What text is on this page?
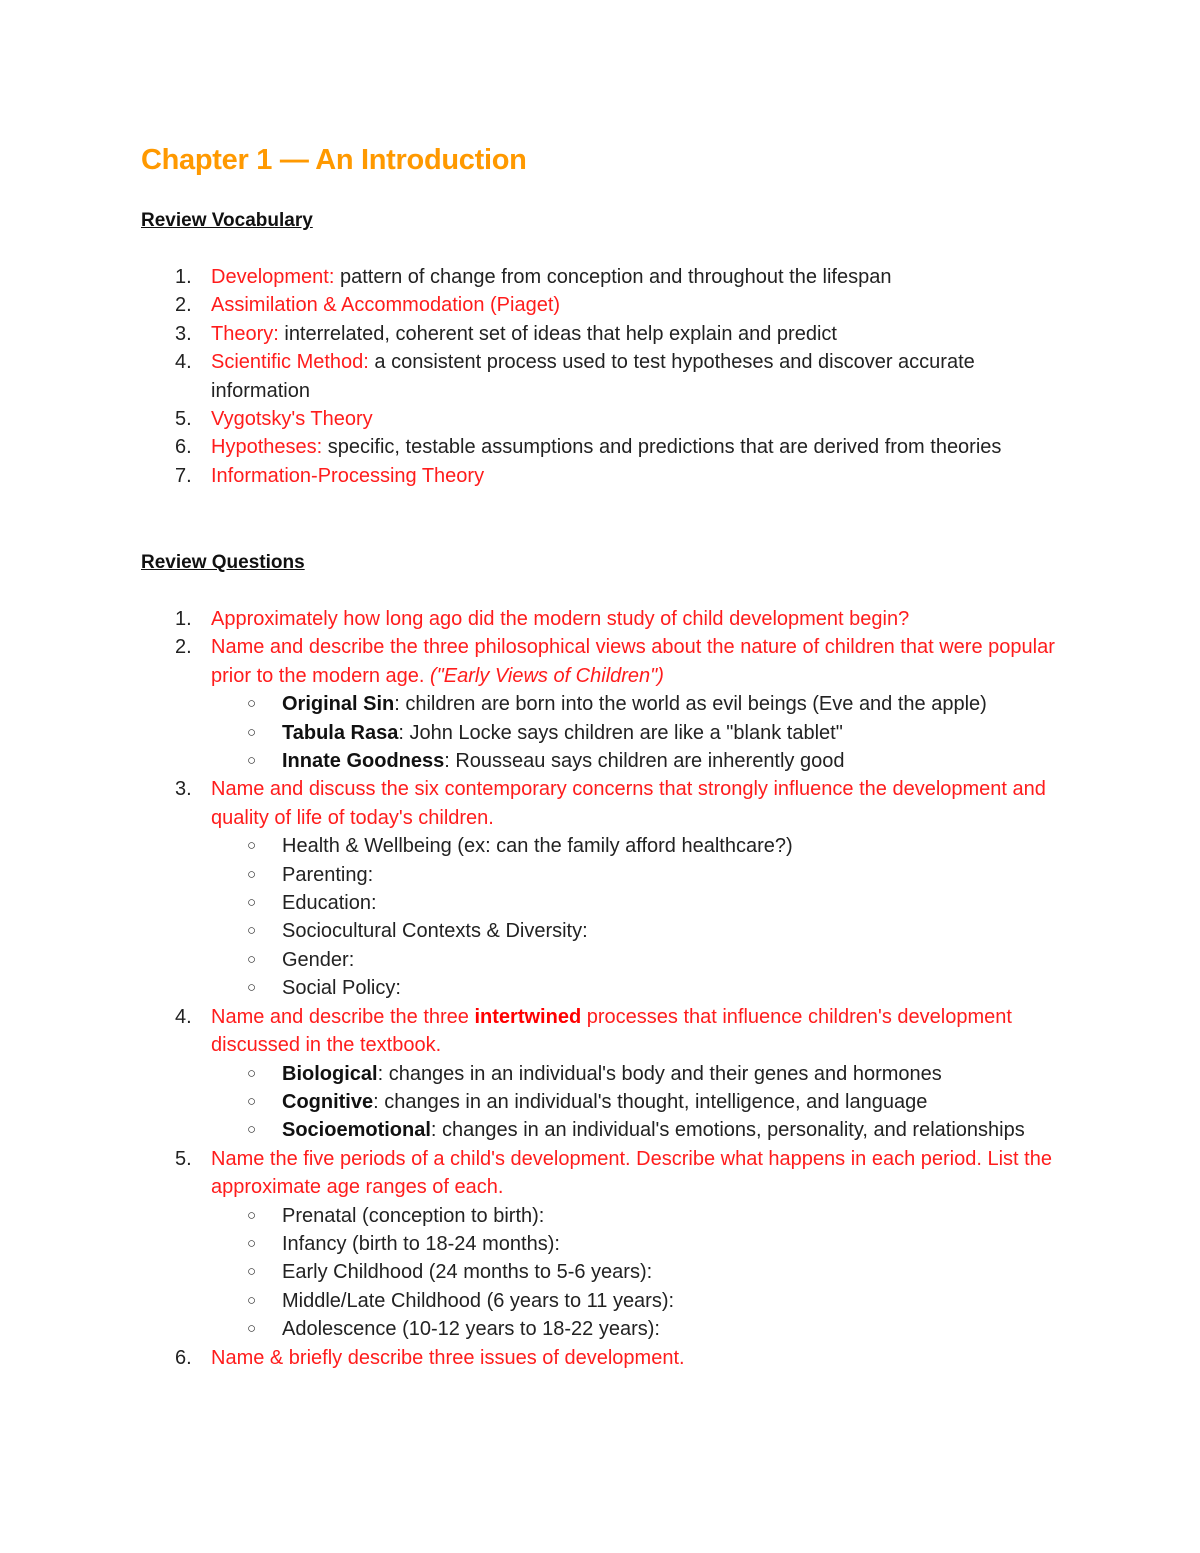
Chapter 1 — An Introduction
Review Vocabulary
1. Development: pattern of change from conception and throughout the lifespan
2. Assimilation & Accommodation (Piaget)
3. Theory: interrelated, coherent set of ideas that help explain and predict
4. Scientific Method: a consistent process used to test hypotheses and discover accurate information
5. Vygotsky's Theory
6. Hypotheses: specific, testable assumptions and predictions that are derived from theories
7. Information-Processing Theory
Review Questions
1. Approximately how long ago did the modern study of child development begin?
2. Name and describe the three philosophical views about the nature of children that were popular prior to the modern age. ("Early Views of Children")
○ Original Sin: children are born into the world as evil beings (Eve and the apple)
○ Tabula Rasa: John Locke says children are like a "blank tablet"
○ Innate Goodness: Rousseau says children are inherently good
3. Name and discuss the six contemporary concerns that strongly influence the development and quality of life of today's children.
○ Health & Wellbeing (ex: can the family afford healthcare?)
○ Parenting:
○ Education:
○ Sociocultural Contexts & Diversity:
○ Gender:
○ Social Policy:
4. Name and describe the three intertwined processes that influence children's development discussed in the textbook.
○ Biological: changes in an individual's body and their genes and hormones
○ Cognitive: changes in an individual's thought, intelligence, and language
○ Socioemotional: changes in an individual's emotions, personality, and relationships
5. Name the five periods of a child's development. Describe what happens in each period. List the approximate age ranges of each.
○ Prenatal (conception to birth):
○ Infancy (birth to 18-24 months):
○ Early Childhood (24 months to 5-6 years):
○ Middle/Late Childhood (6 years to 11 years):
○ Adolescence (10-12 years to 18-22 years):
6. Name & briefly describe three issues of development.
